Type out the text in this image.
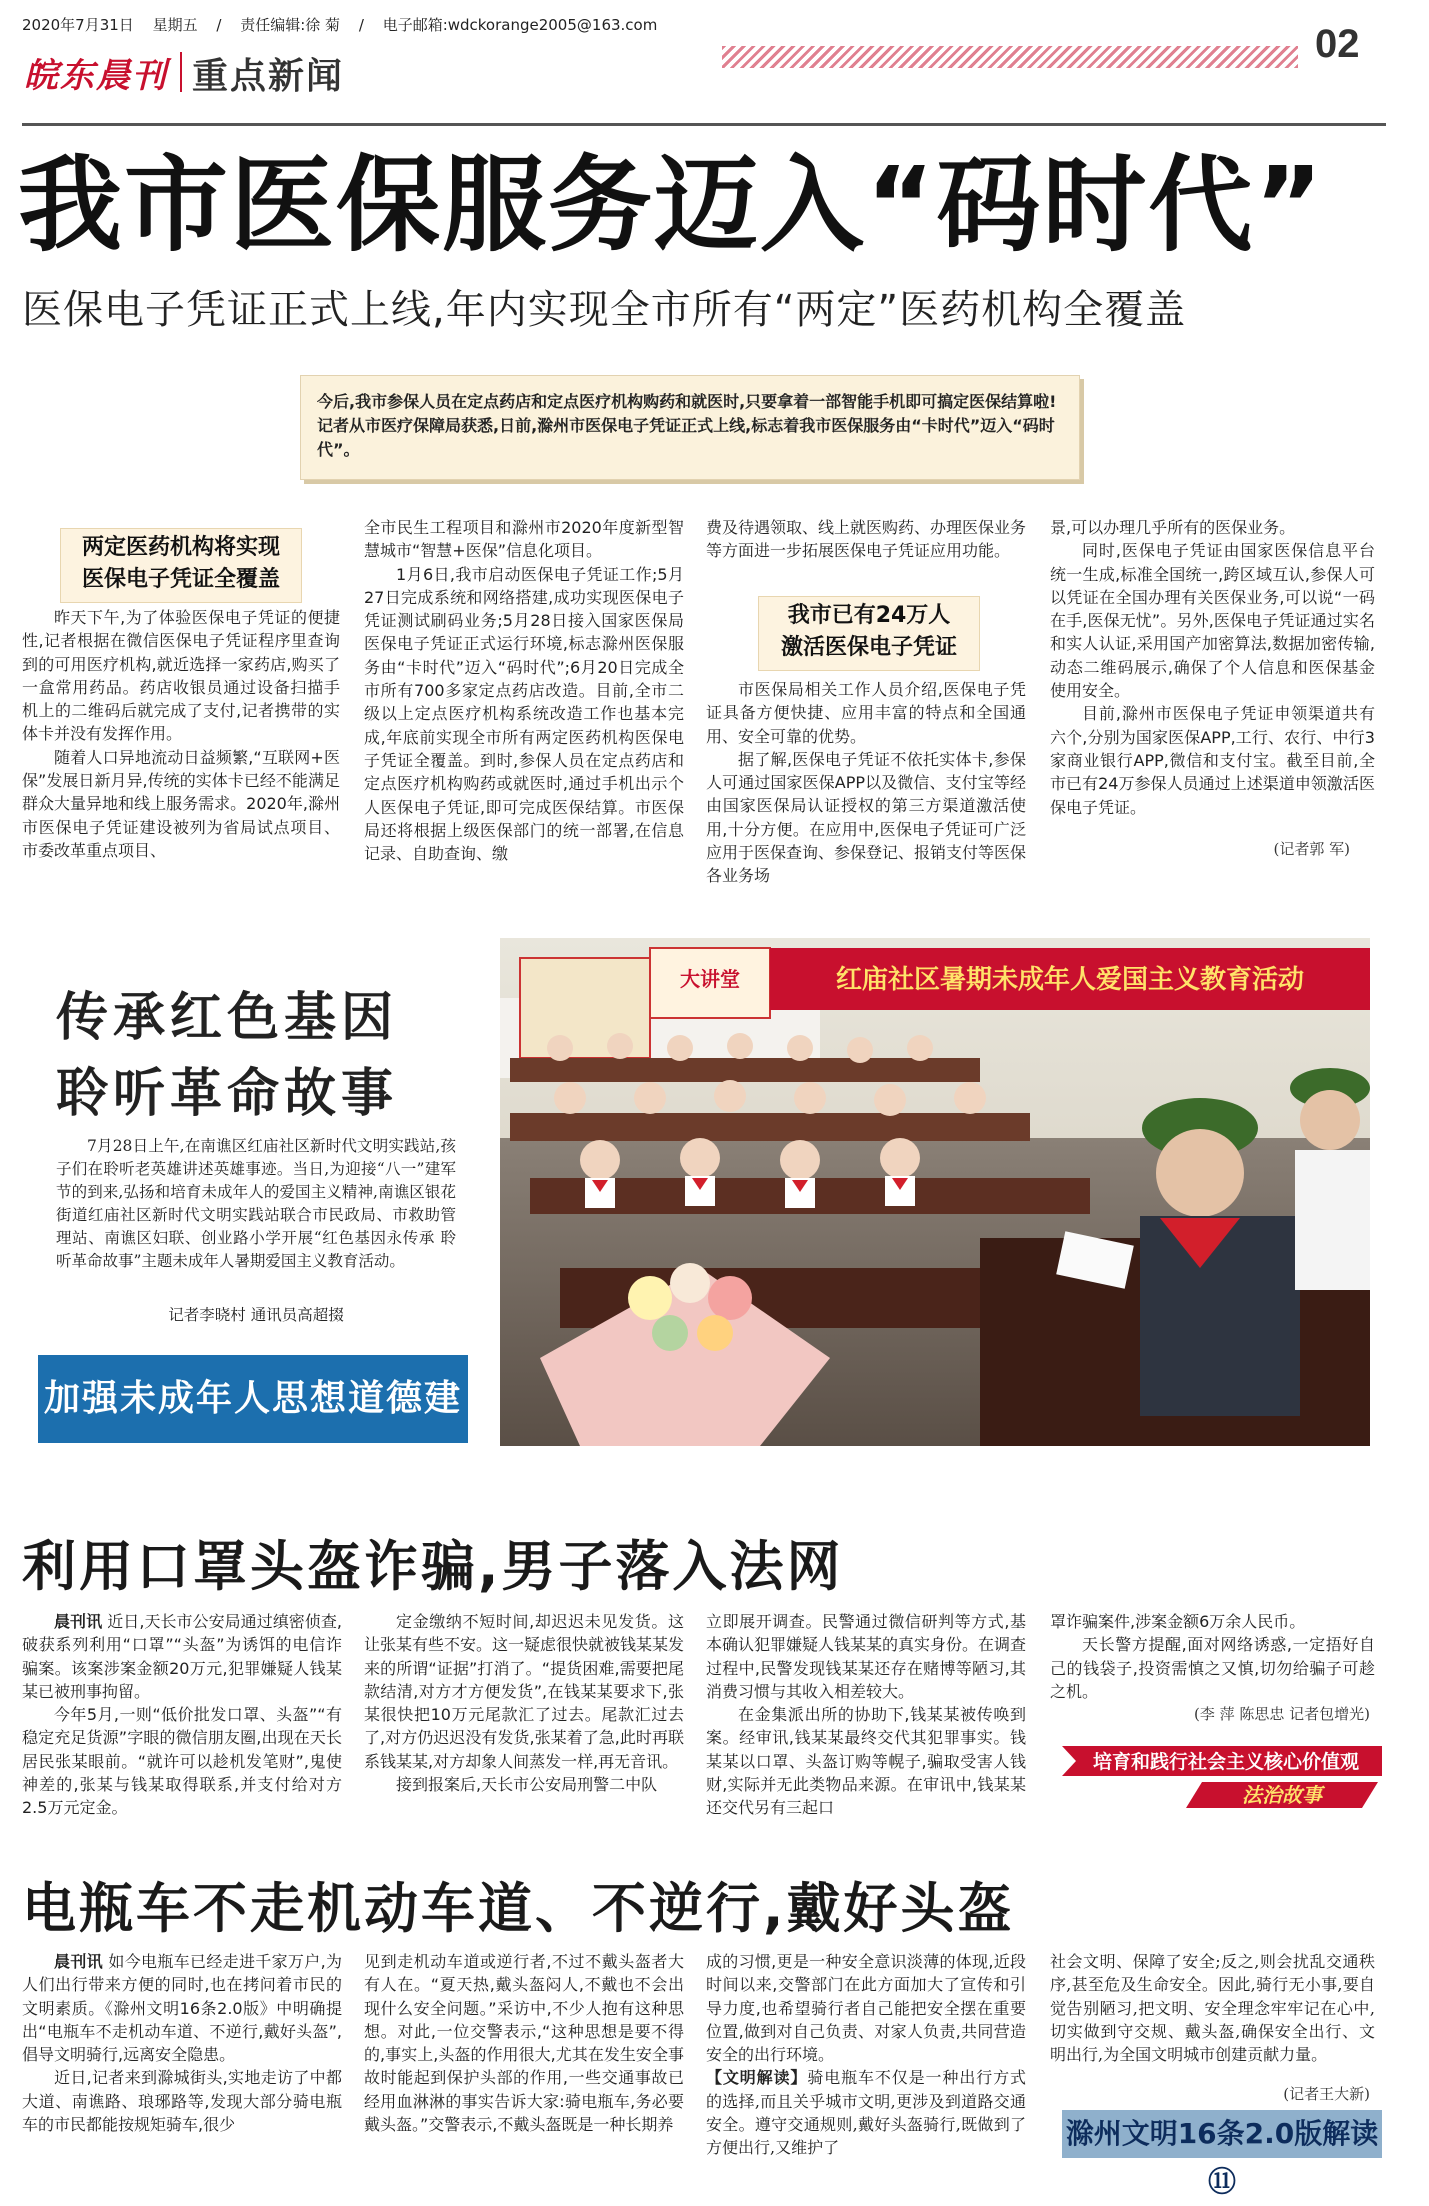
2020年7月31日 星期五 / 责任编辑:徐 菊 / 电子邮箱:wdckorange2005@163.com	02
皖东晨刊 重点新闻
我市医保服务迈入“码时代”
医保电子凭证正式上线,年内实现全市所有“两定”医药机构全覆盖
今后,我市参保人员在定点药店和定点医疗机构购药和就医时,只要拿着一部智能手机即可搞定医保结算啦!记者从市医疗保障局获悉,日前,滁州市医保电子凭证正式上线,标志着我市医保服务由“卡时代”迈入“码时代”。
两定医药机构将实现
医保电子凭证全覆盖

昨天下午,为了体验医保电子凭证的便捷性,记者根据在微信医保电子凭证程序里查询到的可用医疗机构,就近选择一家药店,购买了一盒常用药品。药店收银员通过设备扫描手机上的二维码后就完成了支付,记者携带的实体卡并没有发挥作用。

随着人口异地流动日益频繁,“互联网+医保”发展日新月异,传统的实体卡已经不能满足群众大量异地和线上服务需求。2020年,滁州市医保电子凭证建设被列为省局试点项目、市委改革重点项目、

全市民生工程项目和滁州市2020年度新型智慧城市“智慧+医保”信息化项目。

1月6日,我市启动医保电子凭证工作;5月27日完成系统和网络搭建,成功实现医保电子凭证测试刷码业务;5月28日接入国家医保局医保电子凭证正式运行环境,标志滁州医保服务由“卡时代”迈入“码时代”;6月20日完成全市所有700多家定点药店改造。目前,全市二级以上定点医疗机构系统改造工作也基本完成,年底前实现全市所有两定医药机构医保电子凭证全覆盖。到时,参保人员在定点药店和定点医疗机构购药或就医时,通过手机出示个人医保电子凭证,即可完成医保结算。市医保局还将根据上级医保部门的统一部署,在信息记录、自助查询、缴

费及待遇领取、线上就医购药、办理医保业务等方面进一步拓展医保电子凭证应用功能。

我市已有24万人
激活医保电子凭证

市医保局相关工作人员介绍,医保电子凭证具备方便快捷、应用丰富的特点和全国通用、安全可靠的优势。

据了解,医保电子凭证不依托实体卡,参保人可通过国家医保APP以及微信、支付宝等经由国家医保局认证授权的第三方渠道激活使用,十分方便。在应用中,医保电子凭证可广泛应用于医保查询、参保登记、报销支付等医保各业务场

景,可以办理几乎所有的医保业务。

同时,医保电子凭证由国家医保信息平台统一生成,标准全国统一,跨区域互认,参保人可以凭证在全国办理有关医保业务,可以说“一码在手,医保无忧”。另外,医保电子凭证通过实名和实人认证,采用国产加密算法,数据加密传输,动态二维码展示,确保了个人信息和医保基金使用安全。

目前,滁州市医保电子凭证申领渠道共有六个,分别为国家医保APP,工行、农行、中行3家商业银行APP,微信和支付宝。截至目前,全市已有24万参保人员通过上述渠道申领激活医保电子凭证。

(记者郭 军)
传承红色基因
聆听革命故事
7月28日上午,在南谯区红庙社区新时代文明实践站,孩子们在聆听老英雄讲述英雄事迹。当日,为迎接“八一”建军节的到来,弘扬和培育未成年人的爱国主义精神,南谯区银花街道红庙社区新时代文明实践站联合市民政局、市救助管理站、南谯区妇联、创业路小学开展“红色基因永传承 聆听革命故事”主题未成年人暑期爱国主义教育活动。
记者李晓村 通讯员高超掇
加强未成年人思想道德建设
大讲堂	红庙社区暑期未成年人爱国主义教育活动
利用口罩头盔诈骗,男子落入法网

晨刊讯 近日,天长市公安局通过缜密侦查,破获系列利用“口罩”“头盔”为诱饵的电信诈骗案。该案涉案金额20万元,犯罪嫌疑人钱某某已被刑事拘留。

今年5月,一则“低价批发口罩、头盔”“有稳定充足货源”字眼的微信朋友圈,出现在天长居民张某眼前。“就许可以趁机发笔财”,鬼使神差的,张某与钱某取得联系,并支付给对方2.5万元定金。

定金缴纳不短时间,却迟迟未见发货。这让张某有些不安。这一疑虑很快就被钱某某发来的所谓“证据”打消了。“提货困难,需要把尾款结清,对方才方便发货”,在钱某某要求下,张某很快把10万元尾款汇了过去。尾款汇过去了,对方仍迟迟没有发货,张某着了急,此时再联系钱某某,对方却象人间蒸发一样,再无音讯。

接到报案后,天长市公安局刑警二中队

立即展开调查。民警通过微信研判等方式,基本确认犯罪嫌疑人钱某某的真实身份。在调查过程中,民警发现钱某某还存在赌博等陋习,其消费习惯与其收入相差较大。

在金集派出所的协助下,钱某某被传唤到案。经审讯,钱某某最终交代其犯罪事实。钱某某以口罩、头盔订购等幌子,骗取受害人钱财,实际并无此类物品来源。在审讯中,钱某某还交代另有三起口

罩诈骗案件,涉案金额6万余人民币。

天长警方提醒,面对网络诱惑,一定捂好自己的钱袋子,投资需慎之又慎,切勿给骗子可趁之机。

(李 萍 陈思忠 记者包增光)
培育和践行社会主义核心价值观
法治故事
电瓶车不走机动车道、不逆行,戴好头盔

晨刊讯 如今电瓶车已经走进千家万户,为人们出行带来方便的同时,也在拷问着市民的文明素质。《滁州文明16条2.0版》中明确提出“电瓶车不走机动车道、不逆行,戴好头盔”,倡导文明骑行,远离安全隐患。

近日,记者来到滁城街头,实地走访了中都大道、南谯路、琅琊路等,发现大部分骑电瓶车的市民都能按规矩骑车,很少

见到走机动车道或逆行者,不过不戴头盔者大有人在。“夏天热,戴头盔闷人,不戴也不会出现什么安全问题。”采访中,不少人抱有这种思想。对此,一位交警表示,“这种思想是要不得的,事实上,头盔的作用很大,尤其在发生安全事故时能起到保护头部的作用,一些交通事故已经用血淋淋的事实告诉大家:骑电瓶车,务必要戴头盔。”交警表示,不戴头盔既是一种长期养

成的习惯,更是一种安全意识淡薄的体现,近段时间以来,交警部门在此方面加大了宣传和引导力度,也希望骑行者自己能把安全摆在重要位置,做到对自己负责、对家人负责,共同营造安全的出行环境。

【文明解读】骑电瓶车不仅是一种出行方式的选择,而且关乎城市文明,更涉及到道路交通安全。遵守交通规则,戴好头盔骑行,既做到了方便出行,又维护了

社会文明、保障了安全;反之,则会扰乱交通秩序,甚至危及生命安全。因此,骑行无小事,要自觉告别陋习,把文明、安全理念牢牢记在心中,切实做到守交规、戴头盔,确保安全出行、文明出行,为全国文明城市创建贡献力量。

(记者王大新)
滁州文明16条2.0版解读⑪
